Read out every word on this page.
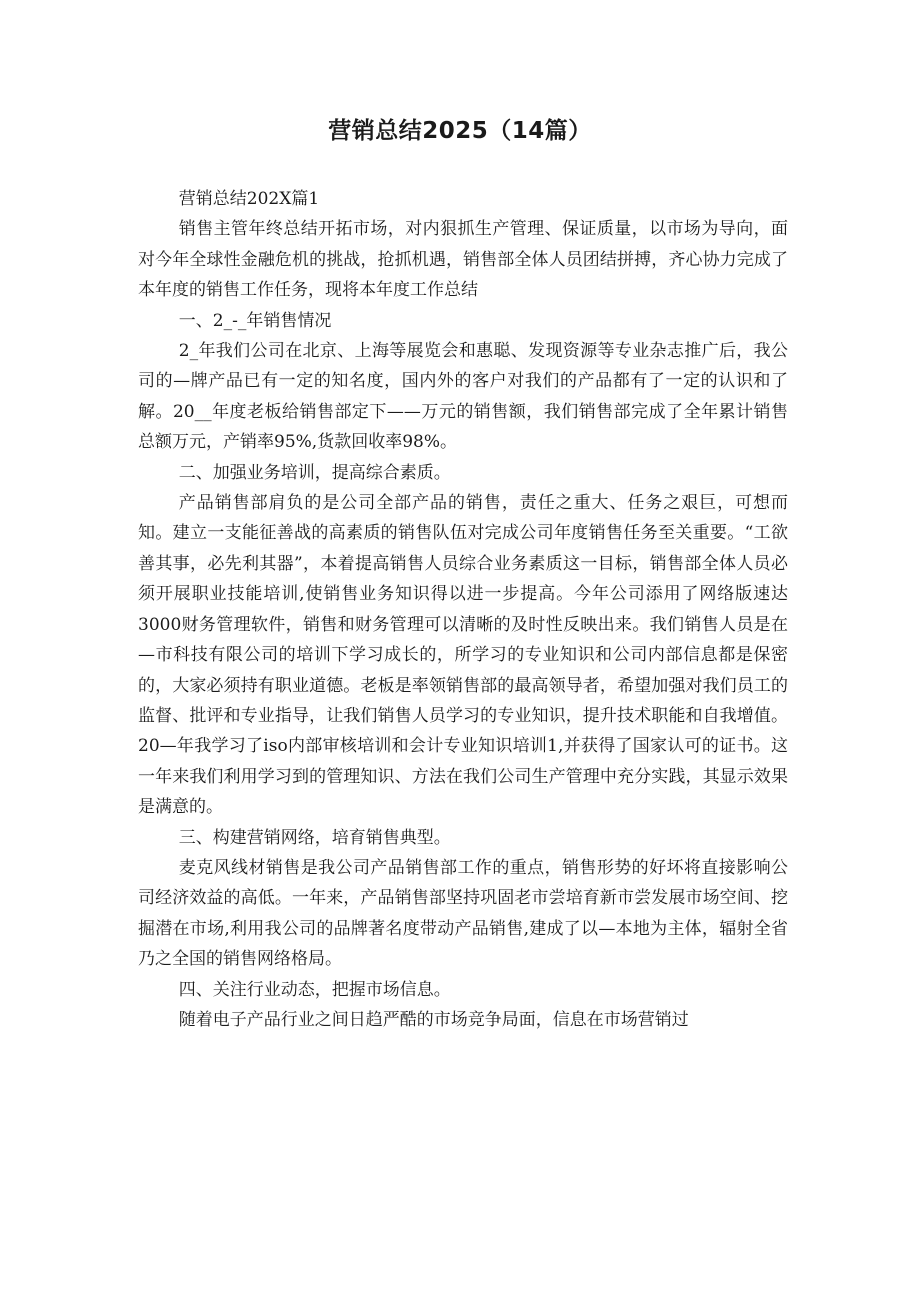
营销总结2025（14篇）

营销总结202X篇1

销售主管年终总结开拓市场，对内狠抓生产管理、保证质量，以市场为导向，面对今年全球性金融危机的挑战，抢抓机遇，销售部全体人员团结拼搏，齐心协力完成了本年度的销售工作任务，现将本年度工作总结

一、2_-_年销售情况

2_年我们公司在北京、上海等展览会和惠聪、发现资源等专业杂志推广后，我公司的—牌产品已有一定的知名度，国内外的客户对我们的产品都有了一定的认识和了解。20__年度老板给销售部定下——万元的销售额，我们销售部完成了全年累计销售总额万元，产销率95%,货款回收率98%。

二、加强业务培训，提高综合素质。

产品销售部肩负的是公司全部产品的销售，责任之重大、任务之艰巨，可想而知。建立一支能征善战的高素质的销售队伍对完成公司年度销售任务至关重要。“工欲善其事，必先利其器”，本着提高销售人员综合业务素质这一目标，销售部全体人员必须开展职业技能培训,使销售业务知识得以进一步提高。今年公司添用了网络版速达3000财务管理软件，销售和财务管理可以清晰的及时性反映出来。我们销售人员是在—市科技有限公司的培训下学习成长的，所学习的专业知识和公司内部信息都是保密的，大家必须持有职业道德。老板是率领销售部的最高领导者，希望加强对我们员工的监督、批评和专业指导，让我们销售人员学习的专业知识，提升技术职能和自我增值。20—年我学习了iso内部审核培训和会计专业知识培训1,并获得了国家认可的证书。这一年来我们利用学习到的管理知识、方法在我们公司生产管理中充分实践，其显示效果是满意的。

三、构建营销网络，培育销售典型。

麦克风线材销售是我公司产品销售部工作的重点，销售形势的好坏将直接影响公司经济效益的高低。一年来，产品销售部坚持巩固老市尝培育新市尝发展市场空间、挖掘潜在市场,利用我公司的品牌著名度带动产品销售,建成了以—本地为主体，辐射全省乃之全国的销售网络格局。

四、关注行业动态，把握市场信息。

随着电子产品行业之间日趋严酷的市场竞争局面，信息在市场营销过
